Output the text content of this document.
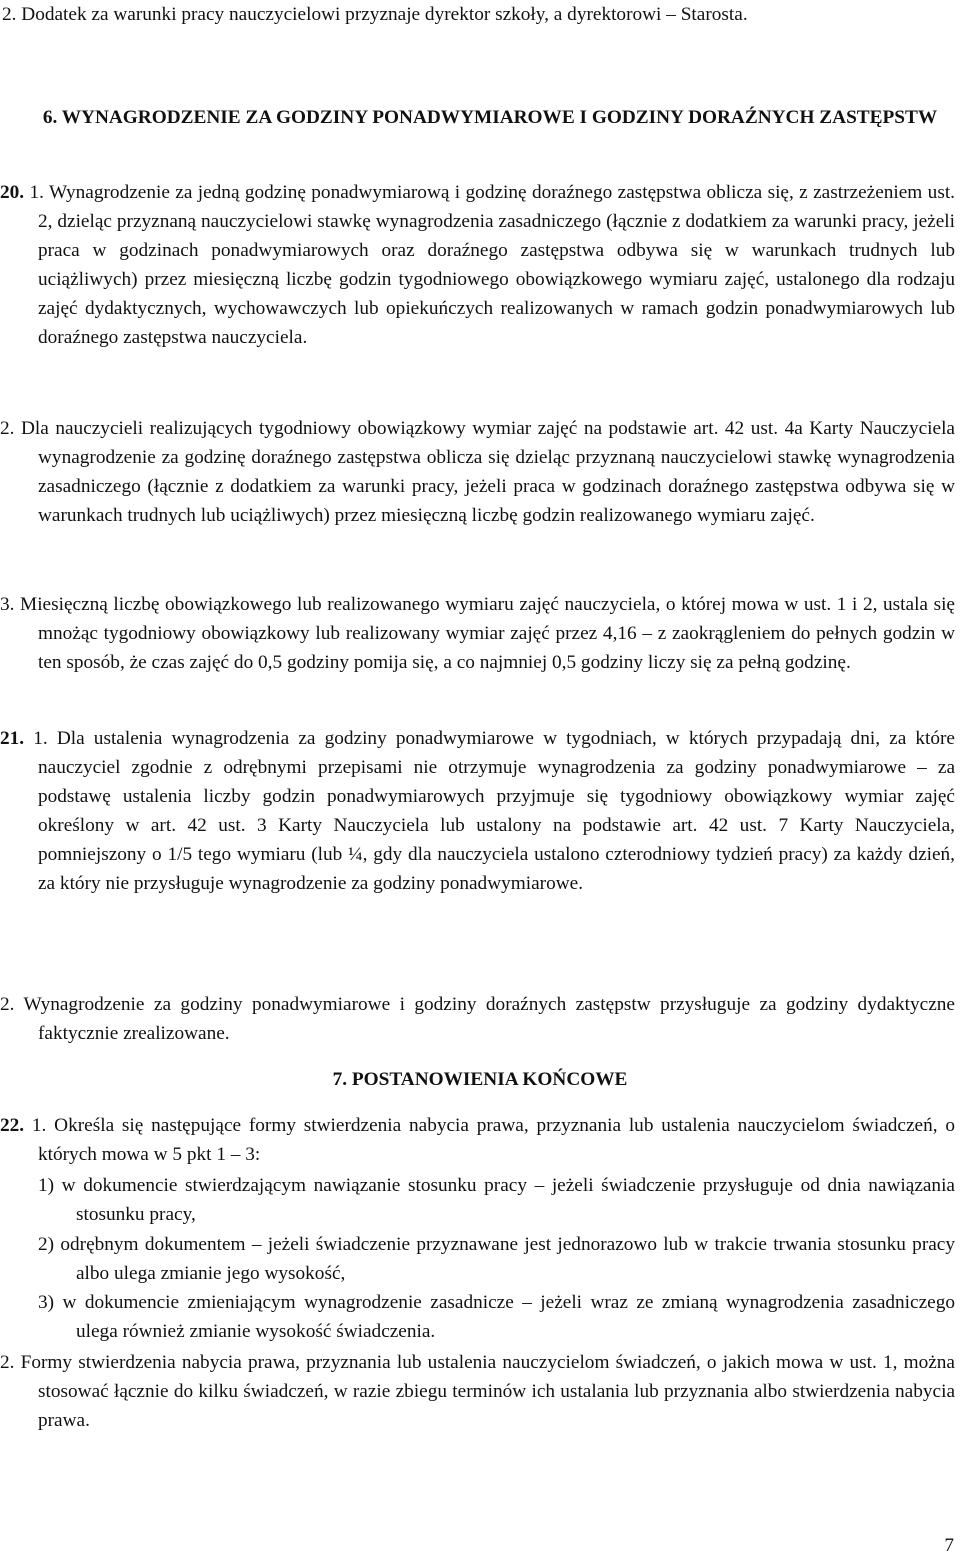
2. Dodatek za warunki pracy nauczycielowi przyznaje dyrektor szkoły, a dyrektorowi – Starosta.

6. WYNAGRODZENIE ZA GODZINY PONADWYMIAROWE I GODZINY DORAŹNYCH ZASTĘPSTW

20. 1. Wynagrodzenie za jedną godzinę ponadwymiarową i godzinę doraźnego zastępstwa oblicza się, z zastrzeżeniem ust. 2, dzieląc przyznaną nauczycielowi stawkę wynagrodzenia zasadniczego (łącznie z dodatkiem za warunki pracy, jeżeli praca w godzinach ponadwymiarowych oraz doraźnego zastępstwa odbywa się w warunkach trudnych lub uciążliwych) przez miesięczną liczbę godzin tygodniowego obowiązkowego wymiaru zajęć, ustalonego dla rodzaju zajęć dydaktycznych, wychowawczych lub opiekuńczych realizowanych w ramach godzin ponadwymiarowych lub doraźnego zastępstwa nauczyciela.

2. Dla nauczycieli realizujących tygodniowy obowiązkowy wymiar zajęć na podstawie art. 42 ust. 4a Karty Nauczyciela wynagrodzenie za godzinę doraźnego zastępstwa oblicza się dzieląc przyznaną nauczycielowi stawkę wynagrodzenia zasadniczego (łącznie z dodatkiem za warunki pracy, jeżeli praca w godzinach doraźnego zastępstwa odbywa się w warunkach trudnych lub uciążliwych) przez miesięczną liczbę godzin realizowanego wymiaru zajęć.

3. Miesięczną liczbę obowiązkowego lub realizowanego wymiaru zajęć nauczyciela, o której mowa w ust. 1 i 2, ustala się mnożąc tygodniowy obowiązkowy lub realizowany wymiar zajęć przez 4,16 – z zaokrągleniem do pełnych godzin w ten sposób, że czas zajęć do 0,5 godziny pomija się, a co najmniej 0,5 godziny liczy się za pełną godzinę.

21. 1. Dla ustalenia wynagrodzenia za godziny ponadwymiarowe w tygodniach, w których przypadają dni, za które nauczyciel zgodnie z odrębnymi przepisami nie otrzymuje wynagrodzenia za godziny ponadwymiarowe – za podstawę ustalenia liczby godzin ponadwymiarowych przyjmuje się tygodniowy obowiązkowy wymiar zajęć określony w art. 42 ust. 3 Karty Nauczyciela lub ustalony na podstawie art. 42 ust. 7 Karty Nauczyciela, pomniejszony o 1/5 tego wymiaru (lub ¼, gdy dla nauczyciela ustalono czterodniowy tydzień pracy) za każdy dzień, za który nie przysługuje wynagrodzenie za godziny ponadwymiarowe.

2. Wynagrodzenie za godziny ponadwymiarowe i godziny doraźnych zastępstw przysługuje za godziny dydaktyczne faktycznie zrealizowane.

7. POSTANOWIENIA KOŃCOWE

22. 1. Określa się następujące formy stwierdzenia nabycia prawa, przyznania lub ustalenia nauczycielom świadczeń, o których mowa w 5 pkt 1 – 3:

1) w dokumencie stwierdzającym nawiązanie stosunku pracy – jeżeli świadczenie przysługuje od dnia nawiązania stosunku pracy,

2) odrębnym dokumentem – jeżeli świadczenie przyznawane jest jednorazowo lub w trakcie trwania stosunku pracy albo ulega zmianie jego wysokość,

3) w dokumencie zmieniającym wynagrodzenie zasadnicze – jeżeli wraz ze zmianą wynagrodzenia zasadniczego ulega również zmianie wysokość świadczenia.

2. Formy stwierdzenia nabycia prawa, przyznania lub ustalenia nauczycielom świadczeń, o jakich mowa w ust. 1, można stosować łącznie do kilku świadczeń, w razie zbiegu terminów ich ustalania lub przyznania albo stwierdzenia nabycia prawa.

7
